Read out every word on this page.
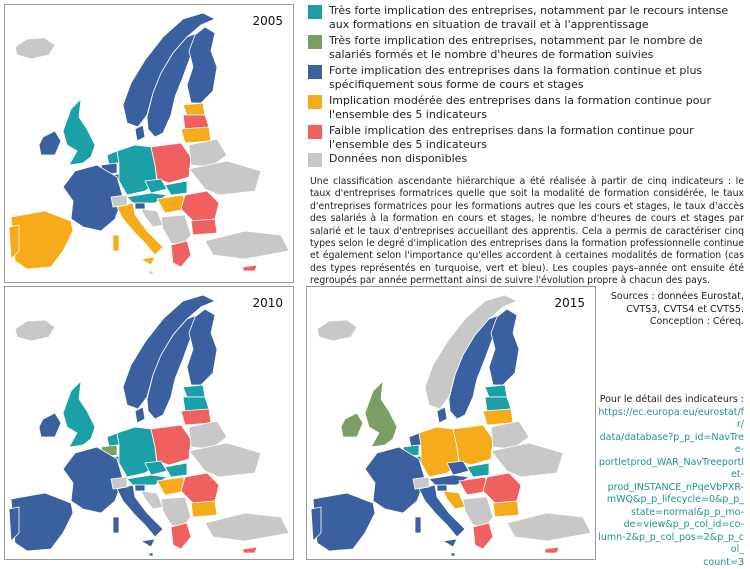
2005
2010	2015
Très forte implication des entreprises, notamment par le recours intense aux formations en situation de travail et à l'apprentissage
Très forte implication des entreprises, notamment par le nombre de salariés formés et le nombre d'heures de formation suivies
Forte implication des entreprises dans la formation continue et plus spécifiquement sous forme de cours et stages
Implication modérée des entreprises dans la formation continue pour l'ensemble des 5 indicateurs
Faible implication des entreprises dans la formation continue pour l'ensemble des 5 indicateurs
Données non disponibles
Une classification ascendante hiérarchique a été réalisée à partir de cinq indicateurs : le taux d'entreprises formatrices quelle que soit la modalité de formation considérée, le taux d'entreprises formatrices pour les formations autres que les cours et stages, le taux d'accès des salariés à la formation en cours et stages, le nombre d'heures de cours et stages par salarié et le taux d'entreprises accueillant des apprentis. Cela a permis de caractériser cinq types selon le degré d'implication des entreprises dans la formation professionnelle continue et également selon l'importance qu'elles accordent à certaines modalités de formation (cas des types représentés en turquoise, vert et bleu). Les couples pays–année ont ensuite été regroupés par année permettant ainsi de suivre l'évolution propre à chacun des pays.
Sources : données Eurostat,
CVTS3, CVTS4 et CVTS5.
Conception : Céreq.
Pour le détail des indicateurs :
https://ec.europa.eu/eurostat/fr/
data/database?p_p_id=NavTree-
portletprod_WAR_NavTreeportlet-
prod_INSTANCE_nPqeVbPXR-
mWQ&p_p_lifecycle=0&p_p_
state=normal&p_p_mo-
de=view&p_p_col_id=co-
lumn-2&p_p_col_pos=2&p_p_col_
count=3
